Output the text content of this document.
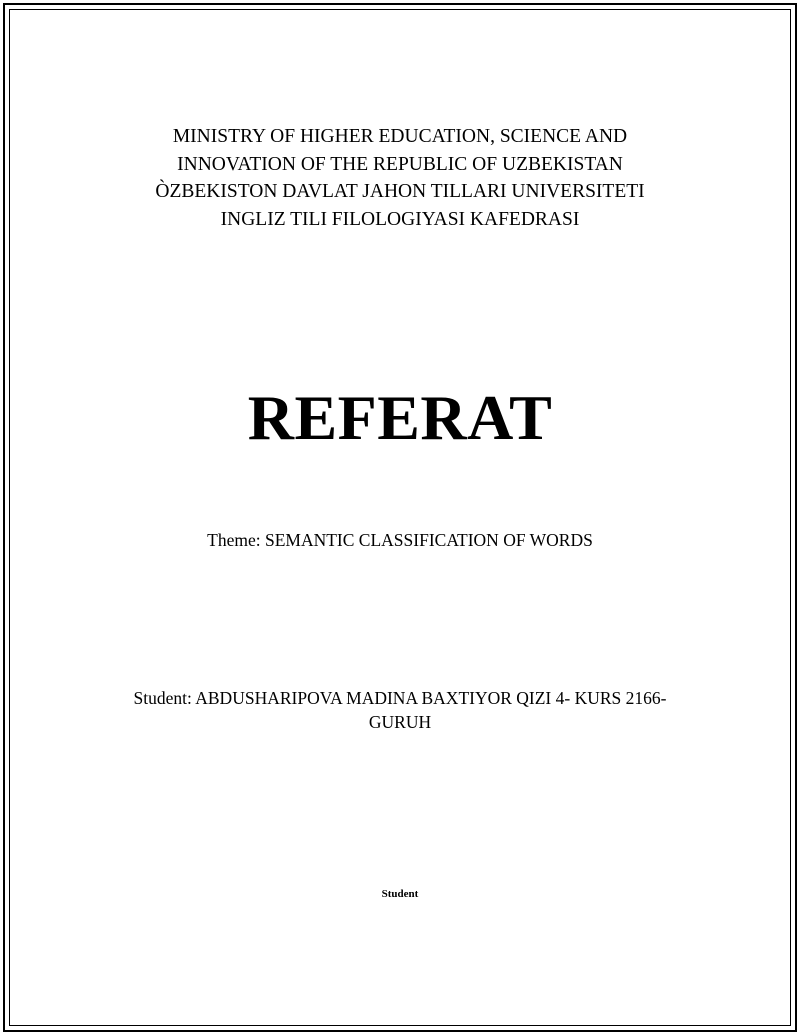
MINISTRY OF HIGHER EDUCATION, SCIENCE AND
INNOVATION OF THE REPUBLIC OF UZBEKISTAN
ÒZBEKISTON DAVLAT JAHON TILLARI UNIVERSITETI
INGLIZ TILI FILOLOGIYASI KAFEDRASI
REFERAT
Theme: SEMANTIC CLASSIFICATION OF WORDS
Student: ABDUSHARIPOVA MADINA BAXTIYOR QIZI 4- KURS 2166-GURUH
Student
